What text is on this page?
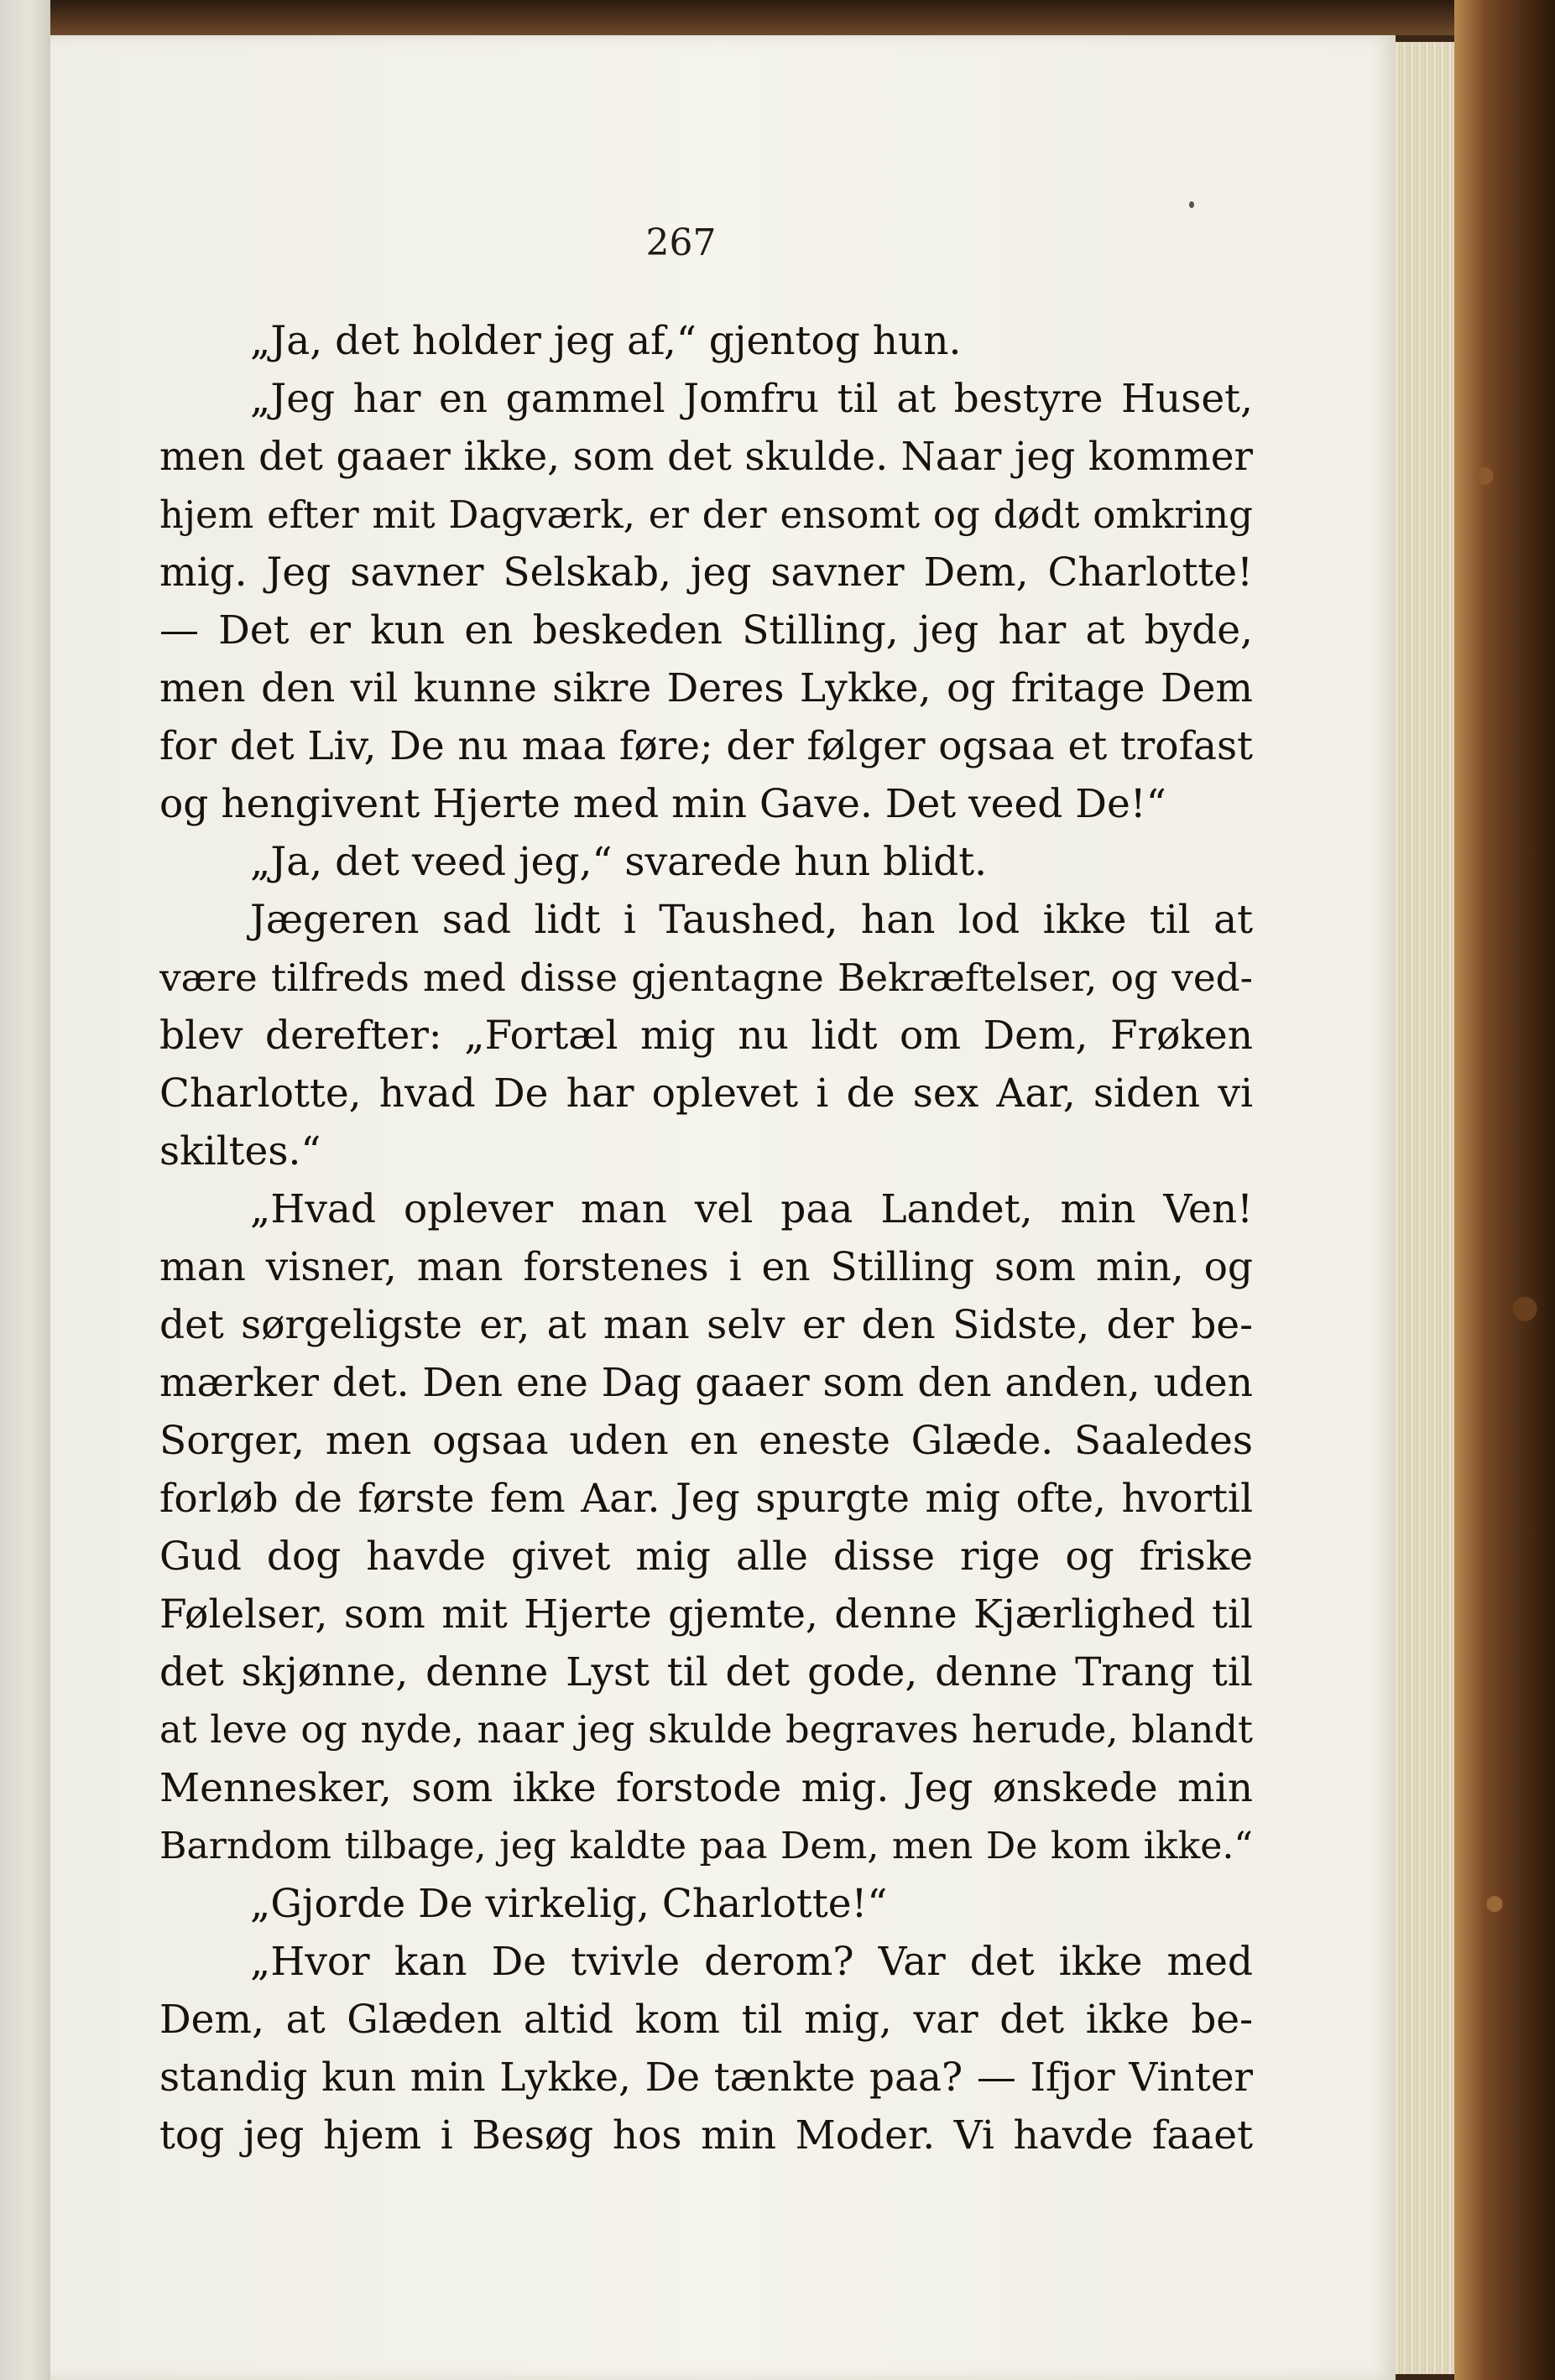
267
„Ja, det holder jeg af,“ gjentog hun.
„Jeg har en gammel Jomfru til at bestyre Huset,
men det gaaer ikke, som det skulde. Naar jeg kommer
hjem efter mit Dagværk, er der ensomt og dødt omkring
mig. Jeg savner Selskab, jeg savner Dem, Charlotte!
— Det er kun en beskeden Stilling, jeg har at byde,
men den vil kunne sikre Deres Lykke, og fritage Dem
for det Liv, De nu maa føre; der følger ogsaa et trofast
og hengivent Hjerte med min Gave. Det veed De!“
„Ja, det veed jeg,“ svarede hun blidt.
Jægeren sad lidt i Taushed, han lod ikke til at
være tilfreds med disse gjentagne Bekræftelser, og ved-
blev derefter: „Fortæl mig nu lidt om Dem, Frøken
Charlotte, hvad De har oplevet i de sex Aar, siden vi
skiltes.“
„Hvad oplever man vel paa Landet, min Ven!
man visner, man forstenes i en Stilling som min, og
det sørgeligste er, at man selv er den Sidste, der be-
mærker det. Den ene Dag gaaer som den anden, uden
Sorger, men ogsaa uden en eneste Glæde. Saaledes
forløb de første fem Aar. Jeg spurgte mig ofte, hvortil
Gud dog havde givet mig alle disse rige og friske
Følelser, som mit Hjerte gjemte, denne Kjærlighed til
det skjønne, denne Lyst til det gode, denne Trang til
at leve og nyde, naar jeg skulde begraves herude, blandt
Mennesker, som ikke forstode mig. Jeg ønskede min
Barndom tilbage, jeg kaldte paa Dem, men De kom ikke.“
„Gjorde De virkelig, Charlotte!“
„Hvor kan De tvivle derom? Var det ikke med
Dem, at Glæden altid kom til mig, var det ikke be-
standig kun min Lykke, De tænkte paa? — Ifjor Vinter
tog jeg hjem i Besøg hos min Moder. Vi havde faaet
